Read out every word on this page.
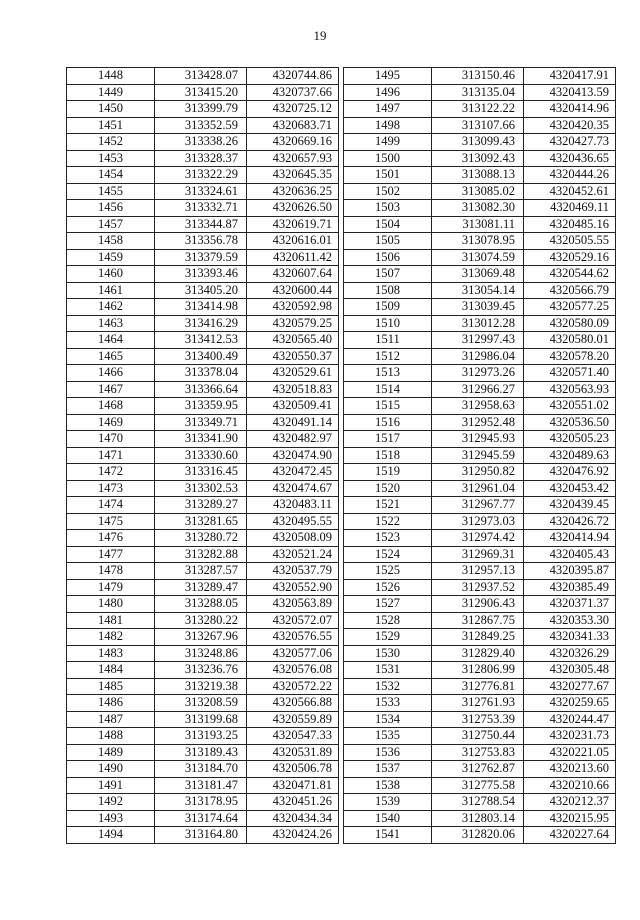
19
1448	313428.07	4320744.86
1449	313415.20	4320737.66
1450	313399.79	4320725.12
1451	313352.59	4320683.71
1452	313338.26	4320669.16
1453	313328.37	4320657.93
1454	313322.29	4320645.35
1455	313324.61	4320636.25
1456	313332.71	4320626.50
1457	313344.87	4320619.71
1458	313356.78	4320616.01
1459	313379.59	4320611.42
1460	313393.46	4320607.64
1461	313405.20	4320600.44
1462	313414.98	4320592.98
1463	313416.29	4320579.25
1464	313412.53	4320565.40
1465	313400.49	4320550.37
1466	313378.04	4320529.61
1467	313366.64	4320518.83
1468	313359.95	4320509.41
1469	313349.71	4320491.14
1470	313341.90	4320482.97
1471	313330.60	4320474.90
1472	313316.45	4320472.45
1473	313302.53	4320474.67
1474	313289.27	4320483.11
1475	313281.65	4320495.55
1476	313280.72	4320508.09
1477	313282.88	4320521.24
1478	313287.57	4320537.79
1479	313289.47	4320552.90
1480	313288.05	4320563.89
1481	313280.22	4320572.07
1482	313267.96	4320576.55
1483	313248.86	4320577.06
1484	313236.76	4320576.08
1485	313219.38	4320572.22
1486	313208.59	4320566.88
1487	313199.68	4320559.89
1488	313193.25	4320547.33
1489	313189.43	4320531.89
1490	313184.70	4320506.78
1491	313181.47	4320471.81
1492	313178.95	4320451.26
1493	313174.64	4320434.34
1494	313164.80	4320424.26
1495	313150.46	4320417.91
1496	313135.04	4320413.59
1497	313122.22	4320414.96
1498	313107.66	4320420.35
1499	313099.43	4320427.73
1500	313092.43	4320436.65
1501	313088.13	4320444.26
1502	313085.02	4320452.61
1503	313082.30	4320469.11
1504	313081.11	4320485.16
1505	313078.95	4320505.55
1506	313074.59	4320529.16
1507	313069.48	4320544.62
1508	313054.14	4320566.79
1509	313039.45	4320577.25
1510	313012.28	4320580.09
1511	312997.43	4320580.01
1512	312986.04	4320578.20
1513	312973.26	4320571.40
1514	312966.27	4320563.93
1515	312958.63	4320551.02
1516	312952.48	4320536.50
1517	312945.93	4320505.23
1518	312945.59	4320489.63
1519	312950.82	4320476.92
1520	312961.04	4320453.42
1521	312967.77	4320439.45
1522	312973.03	4320426.72
1523	312974.42	4320414.94
1524	312969.31	4320405.43
1525	312957.13	4320395.87
1526	312937.52	4320385.49
1527	312906.43	4320371.37
1528	312867.75	4320353.30
1529	312849.25	4320341.33
1530	312829.40	4320326.29
1531	312806.99	4320305.48
1532	312776.81	4320277.67
1533	312761.93	4320259.65
1534	312753.39	4320244.47
1535	312750.44	4320231.73
1536	312753.83	4320221.05
1537	312762.87	4320213.60
1538	312775.58	4320210.66
1539	312788.54	4320212.37
1540	312803.14	4320215.95
1541	312820.06	4320227.64
